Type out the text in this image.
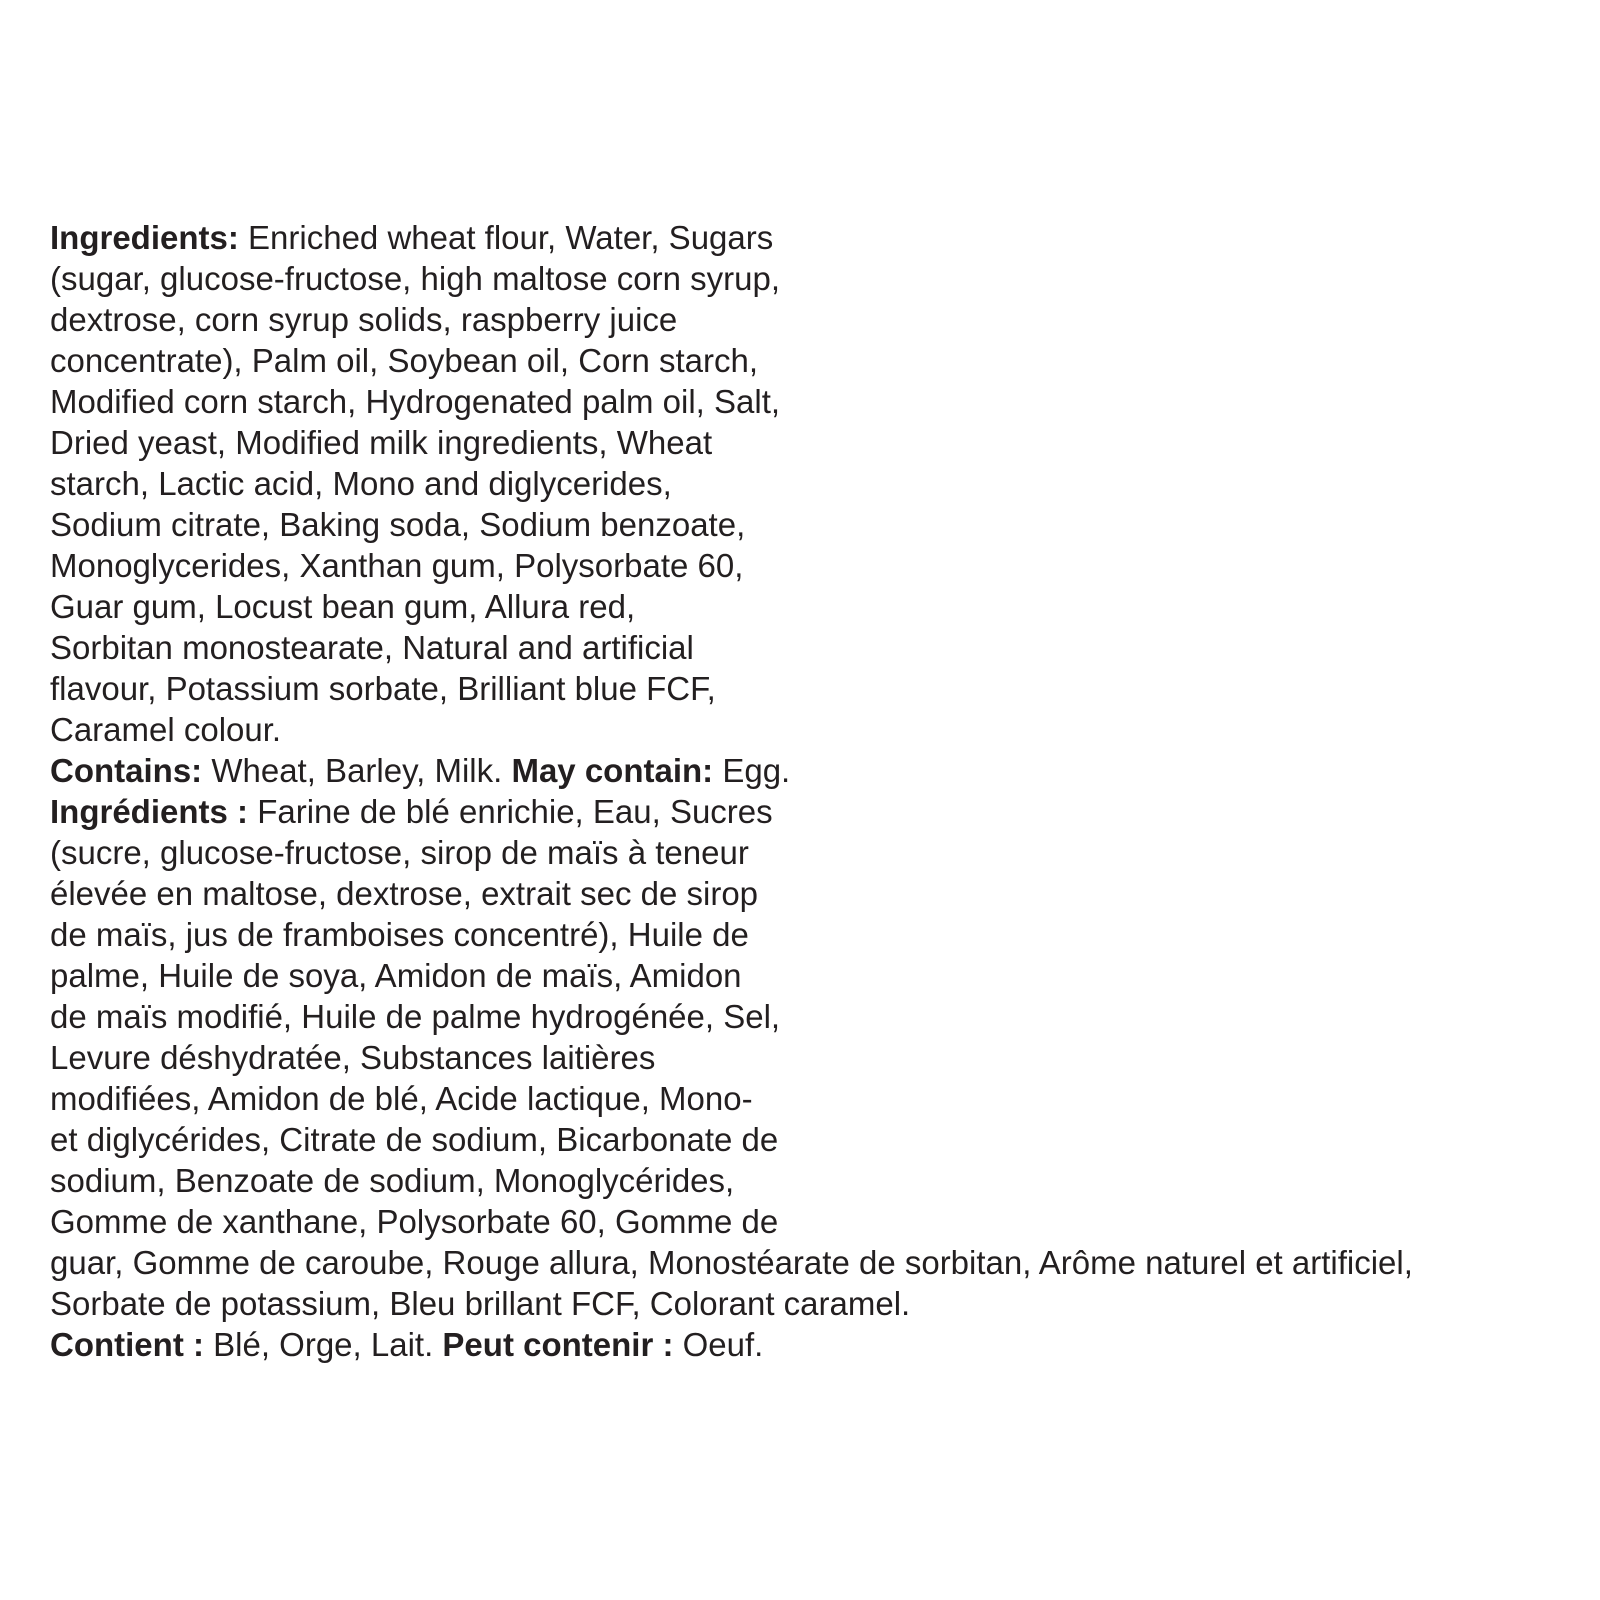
Ingredients: Enriched wheat flour, Water, Sugars
(sugar, glucose-fructose, high maltose corn syrup,
dextrose, corn syrup solids, raspberry juice
concentrate), Palm oil, Soybean oil, Corn starch,
Modified corn starch, Hydrogenated palm oil, Salt,
Dried yeast, Modified milk ingredients, Wheat
starch, Lactic acid, Mono and diglycerides,
Sodium citrate, Baking soda, Sodium benzoate,
Monoglycerides, Xanthan gum, Polysorbate 60,
Guar gum, Locust bean gum, Allura red,
Sorbitan monostearate, Natural and artificial
flavour, Potassium sorbate, Brilliant blue FCF,
Caramel colour.
Contains: Wheat, Barley, Milk. May contain: Egg.
Ingrédients : Farine de blé enrichie, Eau, Sucres
(sucre, glucose-fructose, sirop de maïs à teneur
élevée en maltose, dextrose, extrait sec de sirop
de maïs, jus de framboises concentré), Huile de
palme, Huile de soya, Amidon de maïs, Amidon
de maïs modifié, Huile de palme hydrogénée, Sel,
Levure déshydratée, Substances laitières
modifiées, Amidon de blé, Acide lactique, Mono-
et diglycérides, Citrate de sodium, Bicarbonate de
sodium, Benzoate de sodium, Monoglycérides,
Gomme de xanthane, Polysorbate 60, Gomme de
guar, Gomme de caroube, Rouge allura, Monostéarate de sorbitan, Arôme naturel et artificiel,
Sorbate de potassium, Bleu brillant FCF, Colorant caramel.
Contient : Blé, Orge, Lait. Peut contenir : Oeuf.
